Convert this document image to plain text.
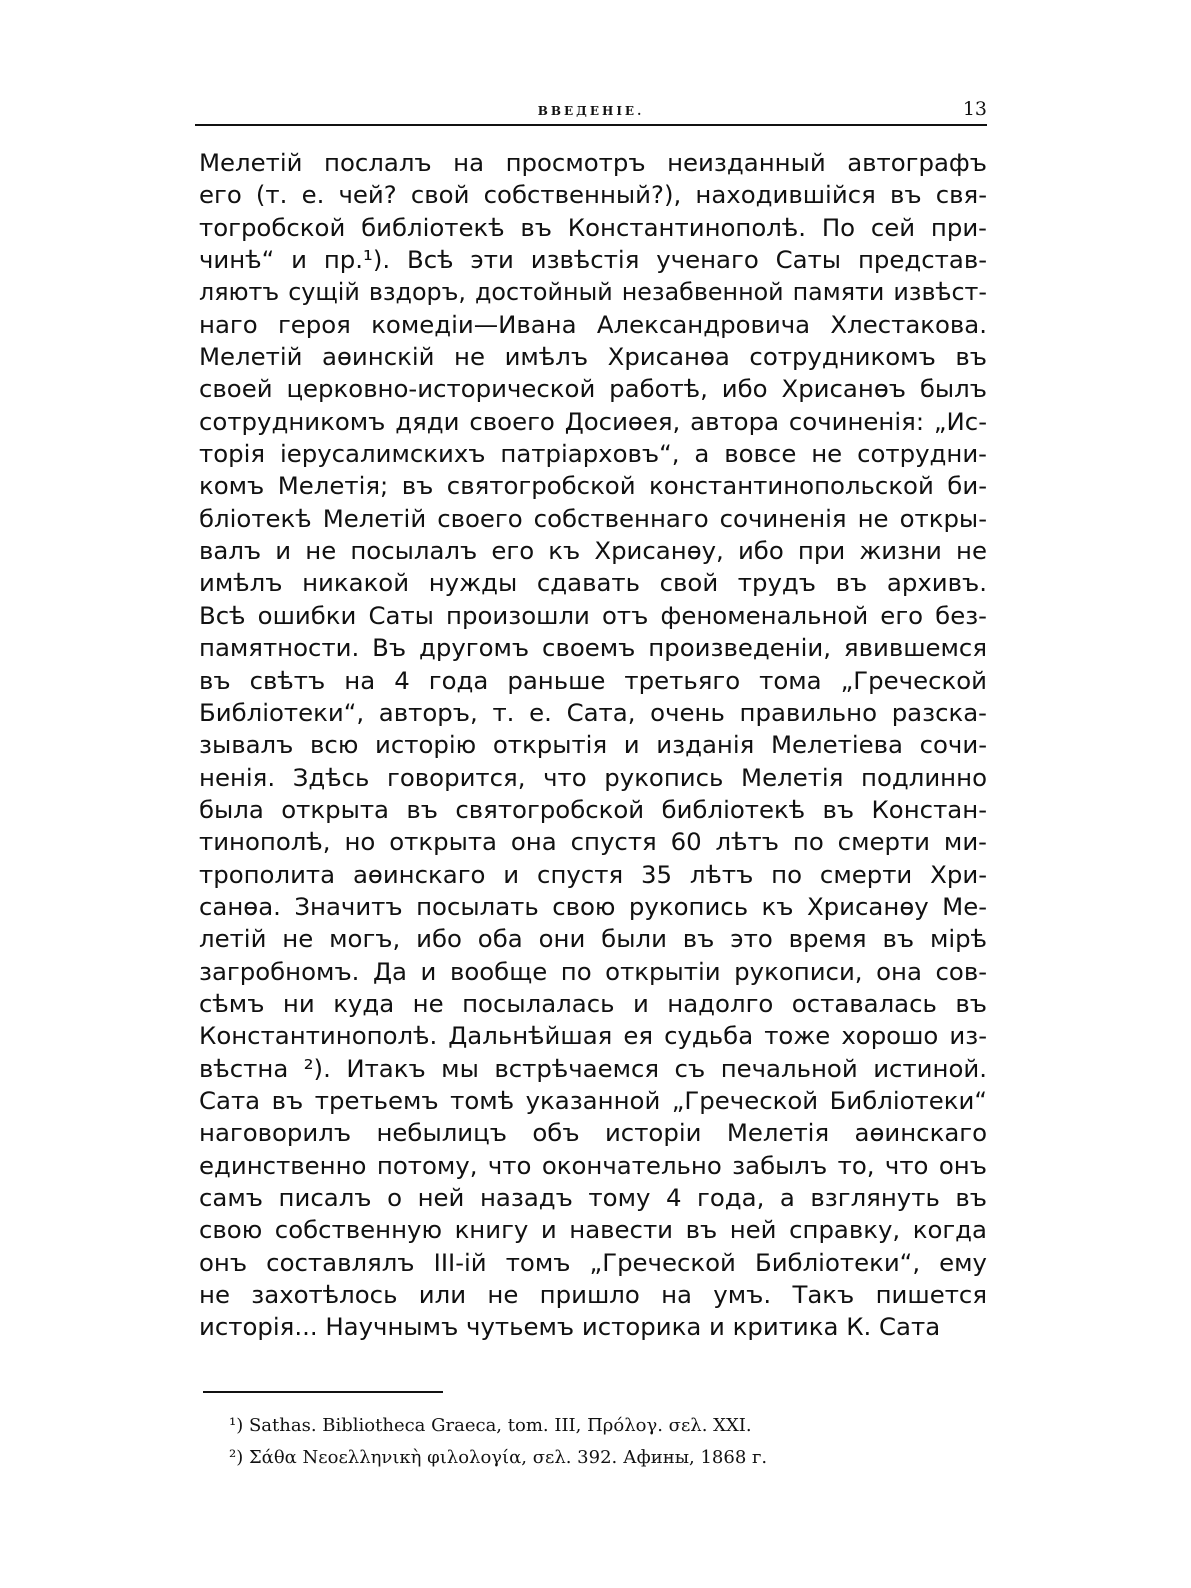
ВВЕДЕНІЕ.	13
Мелетій послалъ на просмотръ неизданный автографъ
его (т. е. чей? свой собственный?), находившійся въ свя-
тогробской библіотекѣ въ Константинополѣ. По сей при-
чинѣ“ и пр.¹). Всѣ эти извѣстія ученаго Саты представ-
ляютъ сущій вздоръ, достойный незабвенной памяти извѣст-
наго героя комедіи—Ивана Александровича Хлестакова.
Мелетій аѳинскій не имѣлъ Хрисанѳа сотрудникомъ въ
своей церковно-исторической работѣ, ибо Хрисанѳъ былъ
сотрудникомъ дяди своего Досиѳея, автора сочиненія: „Ис-
торія іерусалимскихъ патріарховъ“, а вовсе не сотрудни-
комъ Мелетія; въ святогробской константинопольской би-
бліотекѣ Мелетій своего собственнаго сочиненія не откры-
валъ и не посылалъ его къ Хрисанѳу, ибо при жизни не
имѣлъ никакой нужды сдавать свой трудъ въ архивъ.
Всѣ ошибки Саты произошли отъ феноменальной его без-
памятности. Въ другомъ своемъ произведеніи, явившемся
въ свѣтъ на 4 года раньше третьяго тома „Греческой
Библіотеки“, авторъ, т. е. Сата, очень правильно разска-
зывалъ всю исторію открытія и изданія Мелетіева сочи-
ненія. Здѣсь говорится, что рукопись Мелетія подлинно
была открыта въ святогробской библіотекѣ въ Констан-
тинополѣ, но открыта она спустя 60 лѣтъ по смерти ми-
трополита аѳинскаго и спустя 35 лѣтъ по смерти Хри-
санѳа. Значитъ посылать свою рукопись къ Хрисанѳу Ме-
летій не могъ, ибо оба они были въ это время въ мірѣ
загробномъ. Да и вообще по открытіи рукописи, она сов-
сѣмъ ни куда не посылалась и надолго оставалась въ
Константинополѣ. Дальнѣйшая ея судьба тоже хорошо из-
вѣстна ²). Итакъ мы встрѣчаемся съ печальной истиной.
Сата въ третьемъ томѣ указанной „Греческой Библіотеки“
наговорилъ небылицъ объ исторіи Мелетія аѳинскаго
единственно потому, что окончательно забылъ то, что онъ
самъ писалъ о ней назадъ тому 4 года, а взглянуть въ
свою собственную книгу и навести въ ней справку, когда
онъ составлялъ III-ій томъ „Греческой Библіотеки“, ему
не захотѣлось или не пришло на умъ. Такъ пишется
исторія... Научнымъ чутьемъ историка и критика К. Сата
¹) Sathas. Bibliotheca Graeca, tom. III, Πρόλογ. σελ. XXI.
²) Σάθα Νεοελληνικὴ φιλολογία, σελ. 392. Афины, 1868 г.
